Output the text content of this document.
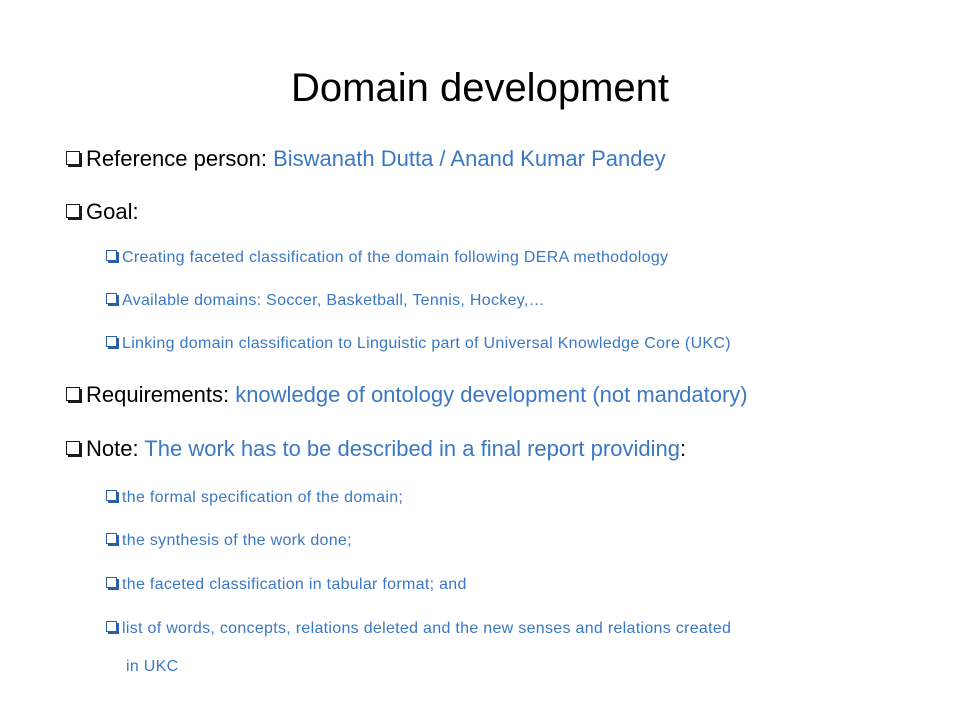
Domain development
Reference person: Biswanath Dutta / Anand Kumar Pandey
Goal:
Creating faceted classification of the domain following DERA methodology
Available domains: Soccer, Basketball, Tennis, Hockey,…
Linking domain classification to Linguistic part of Universal Knowledge Core (UKC)
Requirements: knowledge of ontology development (not mandatory)
Note: The work has to be described in a final report providing:
the formal specification of the domain;
the synthesis of the work done;
the faceted classification in tabular format; and
list of words, concepts, relations deleted and the new senses and relations created
in UKC
